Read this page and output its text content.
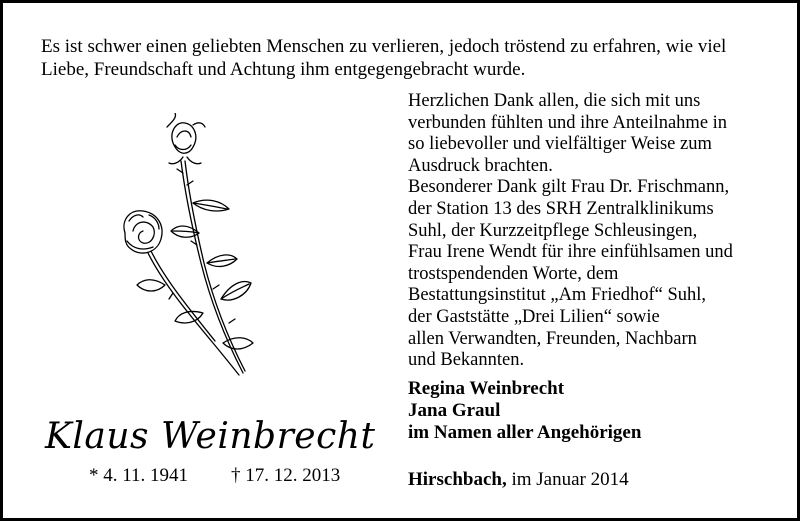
Es ist schwer einen geliebten Menschen zu verlieren, jedoch tröstend zu erfahren, wie viel
Liebe, Freundschaft und Achtung ihm entgegengebracht wurde.
Herzlichen Dank allen, die sich mit uns
verbunden fühlten und ihre Anteilnahme in
so liebevoller und vielfältiger Weise zum
Ausdruck brachten.
Besonderer Dank gilt Frau Dr. Frischmann,
der Station 13 des SRH Zentralklinikums
Suhl, der Kurzzeitpflege Schleusingen,
Frau Irene Wendt für ihre einfühlsamen und
trostspendenden Worte, dem
Bestattungsinstitut „Am Friedhof“ Suhl,
der Gaststätte „Drei Lilien“ sowie
allen Verwandten, Freunden, Nachbarn
und Bekannten.
Regina Weinbrecht
Jana Graul
im Namen aller Angehörigen
Hirschbach, im Januar 2014
Klaus Weinbrecht
* 4. 11. 1941 † 17. 12. 2013
